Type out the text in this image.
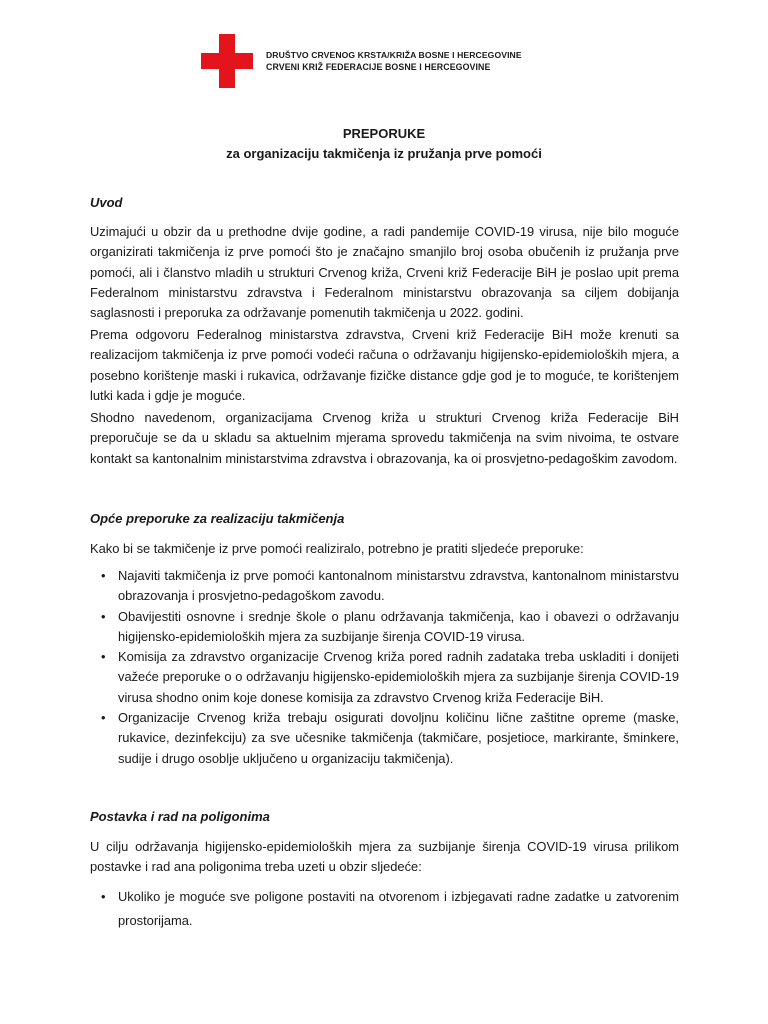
DRUŠTVO CRVENOG KRSTA/KRIŽA BOSNE I HERCEGOVINE
CRVENI KRIŽ FEDERACIJE BOSNE I HERCEGOVINE
PREPORUKE
za organizaciju takmičenja iz pružanja prve pomoći

Uvod

Uzimajući u obzir da u prethodne dvije godine, a radi pandemije COVID-19 virusa, nije bilo moguće organizirati takmičenja iz prve pomoći što je značajno smanjilo broj osoba obučenih iz pružanja prve pomoći, ali i članstvo mladih u strukturi Crvenog križa, Crveni križ Federacije BiH je poslao upit prema Federalnom ministarstvu zdravstva i Federalnom ministarstvu obrazovanja sa ciljem dobijanja saglasnosti i preporuka za održavanje pomenutih takmičenja u 2022. godini.

Prema odgovoru Federalnog ministarstva zdravstva, Crveni križ Federacije BiH može krenuti sa realizacijom takmičenja iz prve pomoći vodeći računa o održavanju higijensko-epidemioloških mjera, a posebno korištenje maski i rukavica, održavanje fizičke distance gdje god je to moguće, te korištenjem lutki kada i gdje je moguće.

Shodno navedenom, organizacijama Crvenog križa u strukturi Crvenog križa Federacije BiH preporučuje se da u skladu sa aktuelnim mjerama sprovedu takmičenja na svim nivoima, te ostvare kontakt sa kantonalnim ministarstvima zdravstva i obrazovanja, ka oi prosvjetno-pedagoškim zavodom.

Opće preporuke za realizaciju takmičenja

Kako bi se takmičenje iz prve pomoći realiziralo, potrebno je pratiti sljedeće preporuke:

• Najaviti takmičenja iz prve pomoći kantonalnom ministarstvu zdravstva, kantonalnom ministarstvu obrazovanja i prosvjetno-pedagoškom zavodu.
• Obavijestiti osnovne i srednje škole o planu održavanja takmičenja, kao i obavezi o održavanju higijensko-epidemioloških mjera za suzbijanje širenja COVID-19 virusa.
• Komisija za zdravstvo organizacije Crvenog križa pored radnih zadataka treba uskladiti i donijeti važeće preporuke o o održavanju higijensko-epidemioloških mjera za suzbijanje širenja COVID-19 virusa shodno onim koje donese komisija za zdravstvo Crvenog križa Federacije BiH.
• Organizacije Crvenog križa trebaju osigurati dovoljnu količinu lične zaštitne opreme (maske, rukavice, dezinfekciju) za sve učesnike takmičenja (takmičare, posjetioce, markirante, šminkere, sudije i drugo osoblje uključeno u organizaciju takmičenja).

Postavka i rad na poligonima

U cilju održavanja higijensko-epidemioloških mjera za suzbijanje širenja COVID-19 virusa prilikom postavke i rad ana poligonima treba uzeti u obzir sljedeće:

• Ukoliko je moguće sve poligone postaviti na otvorenom i izbjegavati radne zadatke u zatvorenim prostorijama.
